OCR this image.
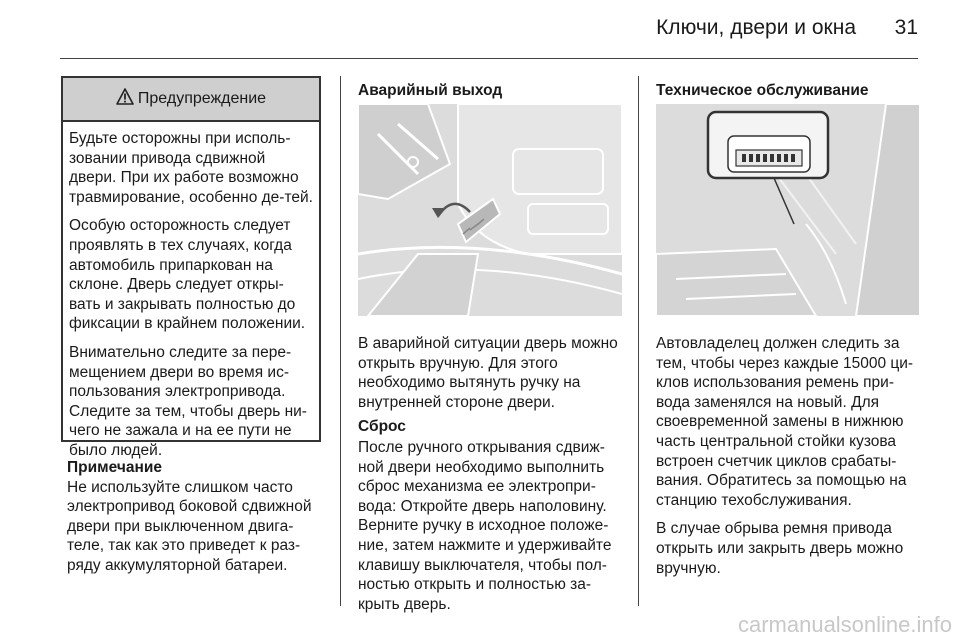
Ключи, двери и окна	31
Предупреждение

Будьте осторожны при исполь-зовании привода сдвижной двери. При их работе возможно травмирование, особенно де-тей.

Особую осторожность следует проявлять в тех случаях, когда автомобиль припаркован на склоне. Дверь следует откры-вать и закрывать полностью до фиксации в крайнем положении.

Внимательно следите за пере-мещением двери во время ис-пользования электропривода. Следите за тем, чтобы дверь ни-чего не зажала и на ее пути не было людей.

Примечание
Не используйте слишком часто электропривод боковой сдвижной двери при выключенном двига-теле, так как это приведет к раз-ряду аккумуляторной батареи.
Аварийный выход
В аварийной ситуации дверь можно открыть вручную. Для этого необходимо вытянуть ручку на внутренней стороне двери.
Сброс
После ручного открывания сдвиж-ной двери необходимо выполнить сброс механизма ее электропри-вода: Откройте дверь наполовину. Верните ручку в исходное положе-ние, затем нажмите и удерживайте клавишу выключателя, чтобы пол-ностью открыть и полностью за-крыть дверь.
Техническое обслуживание

Автовладелец должен следить за тем, чтобы через каждые 15000 ци-клов использования ремень при-вода заменялся на новый. Для своевременной замены в нижнюю часть центральной стойки кузова встроен счетчик циклов срабаты-вания. Обратитесь за помощью на станцию техобслуживания.

В случае обрыва ремня привода открыть или закрыть дверь можно вручную.

carmanualsonline.info
